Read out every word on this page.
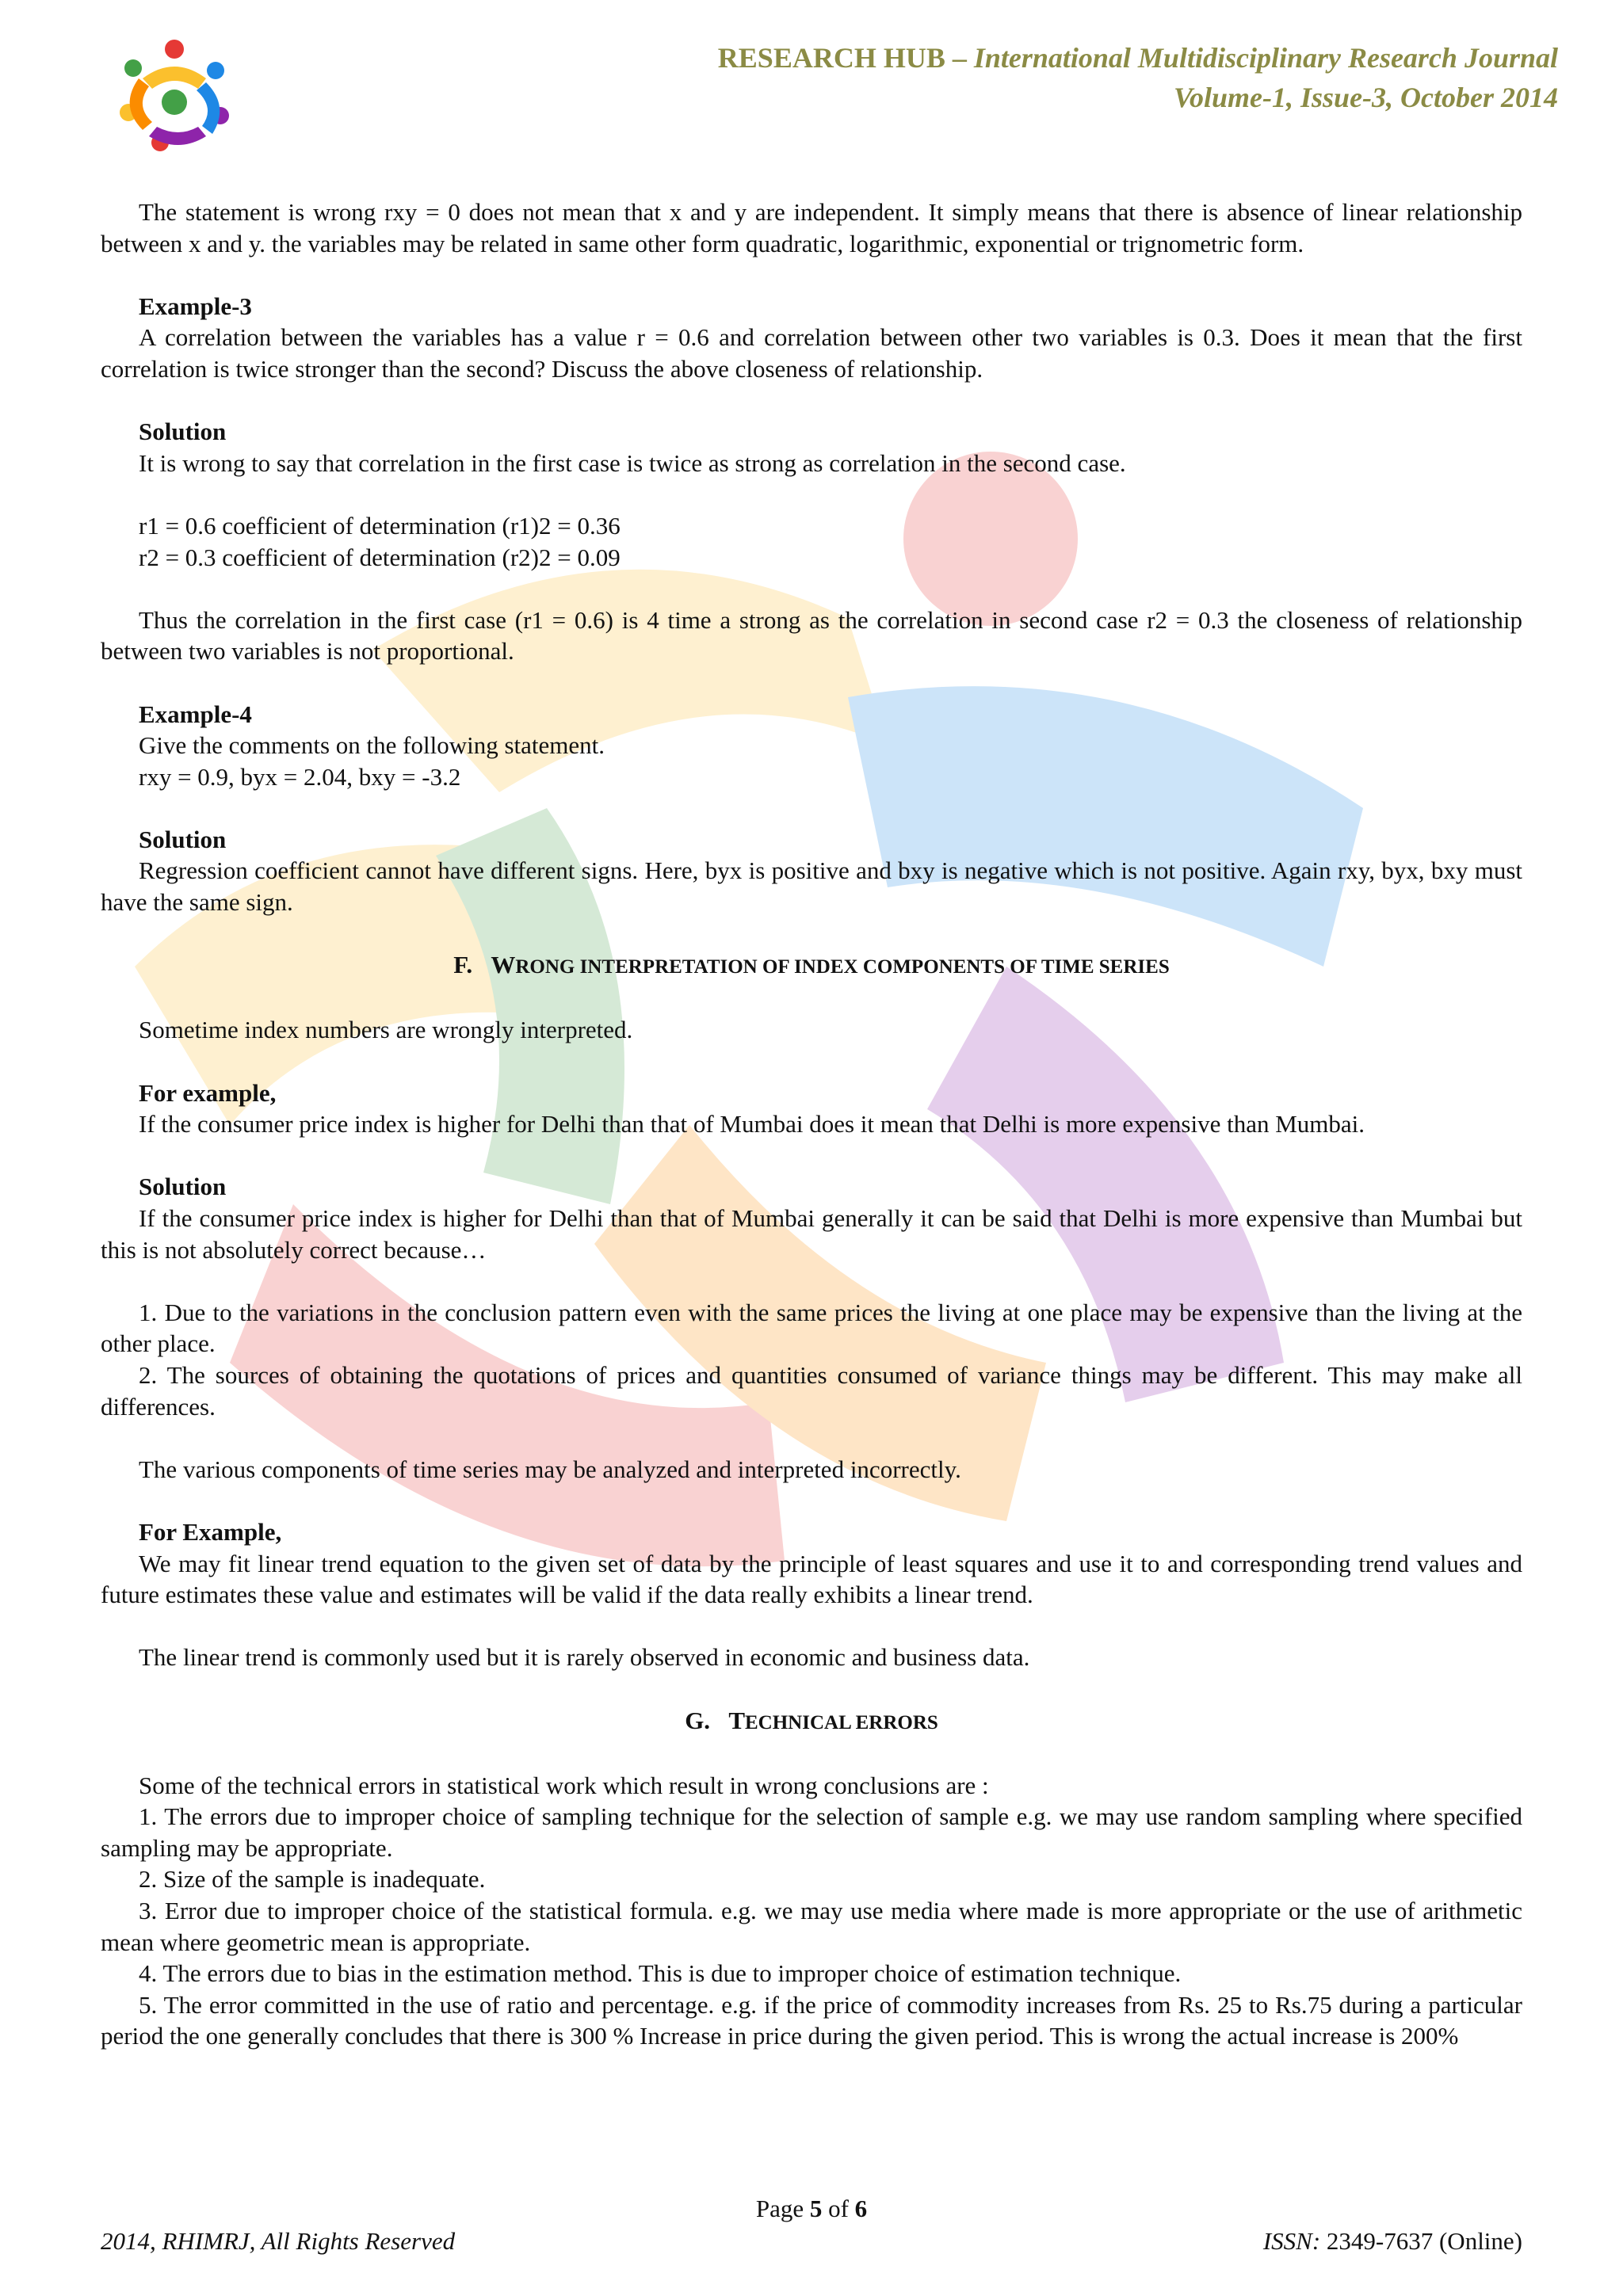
RESEARCH HUB – International Multidisciplinary Research Journal
Volume-1, Issue-3, October 2014

The statement is wrong rxy = 0 does not mean that x and y are independent. It simply means that there is absence of linear relationship between x and y. the variables may be related in same other form quadratic, logarithmic, exponential or trignometric form.

Example-3

A correlation between the variables has a value r = 0.6 and correlation between other two variables is 0.3. Does it mean that the first correlation is twice stronger than the second? Discuss the above closeness of relationship.

Solution

It is wrong to say that correlation in the first case is twice as strong as correlation in the second case.

r1 = 0.6 coefficient of determination (r1)2 = 0.36

r2 = 0.3 coefficient of determination (r2)2 = 0.09

Thus the correlation in the first case (r1 = 0.6) is 4 time a strong as the correlation in second case r2 = 0.3 the closeness of relationship between two variables is not proportional.

Example-4

Give the comments on the following statement.

rxy = 0.9, byx = 2.04, bxy = -3.2

Solution

Regression coefficient cannot have different signs. Here, byx is positive and bxy is negative which is not positive. Again rxy, byx, bxy must have the same sign.

F. WRONG INTERPRETATION OF INDEX COMPONENTS OF TIME SERIES

Sometime index numbers are wrongly interpreted.

For example,

If the consumer price index is higher for Delhi than that of Mumbai does it mean that Delhi is more expensive than Mumbai.

Solution

If the consumer price index is higher for Delhi than that of Mumbai generally it can be said that Delhi is more expensive than Mumbai but this is not absolutely correct because…

1. Due to the variations in the conclusion pattern even with the same prices the living at one place may be expensive than the living at the other place.

2. The sources of obtaining the quotations of prices and quantities consumed of variance things may be different. This may make all differences.

The various components of time series may be analyzed and interpreted incorrectly.

For Example,

We may fit linear trend equation to the given set of data by the principle of least squares and use it to and corresponding trend values and future estimates these value and estimates will be valid if the data really exhibits a linear trend.

The linear trend is commonly used but it is rarely observed in economic and business data.

G. TECHNICAL ERRORS

Some of the technical errors in statistical work which result in wrong conclusions are :

1. The errors due to improper choice of sampling technique for the selection of sample e.g. we may use random sampling where specified sampling may be appropriate.

2. Size of the sample is inadequate.

3. Error due to improper choice of the statistical formula. e.g. we may use media where made is more appropriate or the use of arithmetic mean where geometric mean is appropriate.

4. The errors due to bias in the estimation method. This is due to improper choice of estimation technique.

5. The error committed in the use of ratio and percentage. e.g. if the price of commodity increases from Rs. 25 to Rs.75 during a particular period the one generally concludes that there is 300 % Increase in price during the given period. This is wrong the actual increase is 200%

Page 5 of 6
2014, RHIMRJ, All Rights Reserved	ISSN: 2349-7637 (Online)
